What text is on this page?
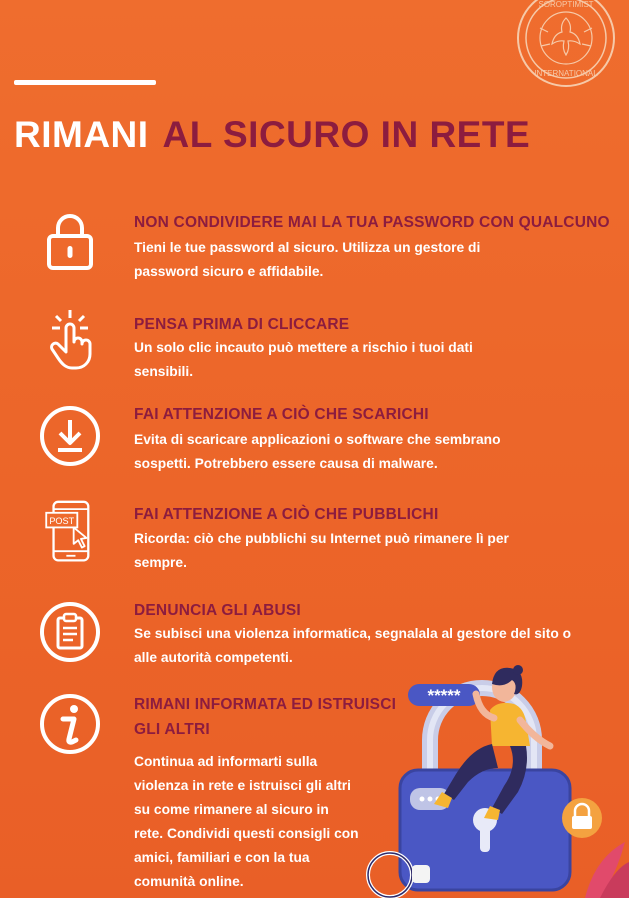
SOROPTIMIST
INTERNATIONAL
RIMANI AL SICURO IN RETE
NON CONDIVIDERE MAI LA TUA PASSWORD CON QUALCUNO
Tieni le tue password al sicuro. Utilizza un gestore di password sicuro e affidabile.
PENSA PRIMA DI CLICCARE
Un solo clic incauto può mettere a rischio i tuoi dati sensibili.
FAI ATTENZIONE A CIÒ CHE SCARICHI
Evita di scaricare applicazioni o software che sembrano sospetti. Potrebbero essere causa di malware.
POST	FAI ATTENZIONE A CIÒ CHE PUBBLICHI
Ricorda: ciò che pubblichi su Internet può rimanere lì per sempre.
DENUNCIA GLI ABUSI
Se subisci una violenza informatica, segnalala al gestore del sito o alle autorità competenti.
RIMANI INFORMATA ED ISTRUISCI
GLI ALTRI
Continua ad informarti sulla
violenza in rete e istruisci gli altri
su come rimanere al sicuro in
rete. Condividi questi consigli con
amici, familiari e con la tua
comunità online.
*****
